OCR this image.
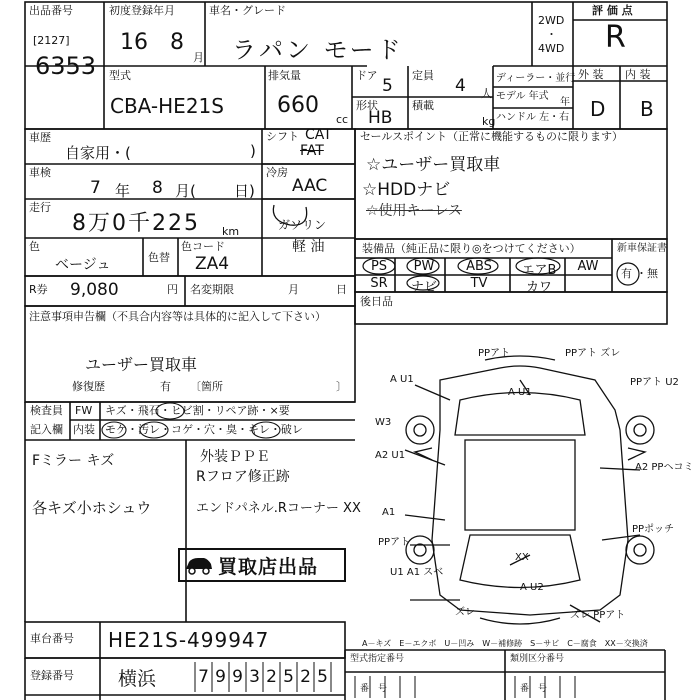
出品番号
[2127]
6353
初度登録年月
16 8
月
車名・グレード
ラパン モード
2WD
・
4WD
評 価 点
R
型式
CBA-HE21S
排気量
660
cc
ドア
5
定員
4 人
形状
HB
積載
kg
ディーラー・並行
モデル 年式
年
ハンドル 左・右
外 装 内 装
D B
車歴
自家用・(	)
車検
7 年 8 月(	日)
走行
8万0千225 km
色
ベージュ	色替
色コード
ZA4
シフト CAT
FAT
冷房
AAC
ガソリン
軽 油
セールスポイント（正常に機能するものに限ります）
☆ユーザー買取車
☆HDDナビ
☆使用キーレス
装備品（純正品に限り◎をつけてください）
PS	PW	ABS	エアB	AW
SR	ナビ	TV	カワ
新車保証書
有 ・無
R券 9,080	円 名変期限	月	日
後日品
注意事項申告欄（不具合内容等は具体的に記入して下さい）
ユーザー買取車
修復歴	有 〔箇所	〕
検査員
記入欄
FW キズ・飛石・ヒビ割・リペア跡・×要
内装 モケ・汚レ・コゲ・穴・臭・キレ・破レ
Fミラー キズ	外装ＰＰＥ
Rフロア修正跡
各キズ小ホシュウ	エンドパネル.Rコーナー XX
買取店出品
車台番号 HE21S-499947
登録番号 横浜 7 9 9 3 2 5 2 5
A－キズ　E－エクボ　U－凹み　W－補修跡　S－サビ　C－腐食　XX－交換済
型式指定番号
番　号
類別区分番号
番　号
PPアト	PPアト ズレ
A U1
A U1
PPアト U2
W3
A2 U1
A2 PPヘコミ
A1
PPアト
PPポッチ
U1 A1 スベ
XX
A U2
ズレ	ズレ PPアト
